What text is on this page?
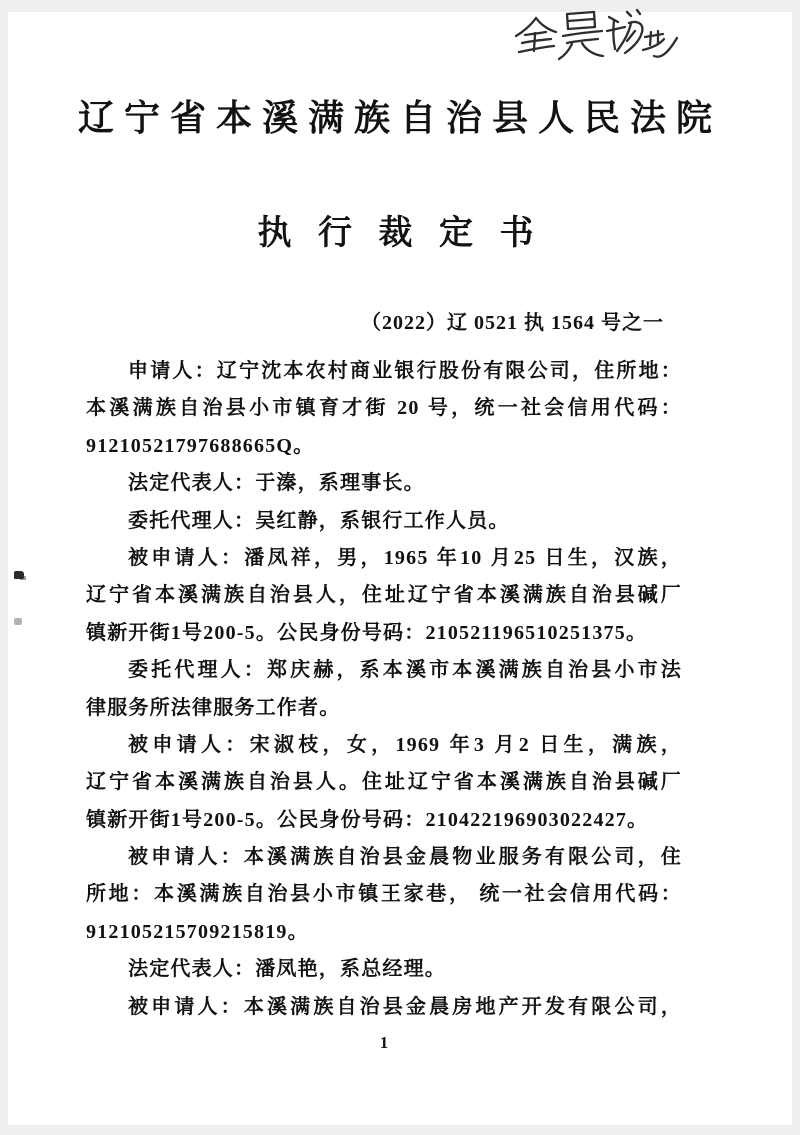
辽宁省本溪满族自治县人民法院
执 行 裁 定 书
（2022）辽 0521 执 1564 号之一
申请人：辽宁沈本农村商业银行股份有限公司，住所地：
本溪满族自治县小市镇育才街 20 号，统一社会信用代码：
91210521797688665Q。
法定代表人：于溱，系理事长。
委托代理人：吴红静，系银行工作人员。
被申请人：潘凤祥，男，1965 年10 月25 日生，汉族，
辽宁省本溪满族自治县人，住址辽宁省本溪满族自治县碱厂
镇新开街1号200-5。公民身份号码：210521196510251375。
委托代理人：郑庆赫，系本溪市本溪满族自治县小市法
律服务所法律服务工作者。
被申请人：宋淑枝，女，1969 年3 月2 日生，满族，
辽宁省本溪满族自治县人。住址辽宁省本溪满族自治县碱厂
镇新开街1号200-5。公民身份号码：210422196903022427。
被申请人：本溪满族自治县金晨物业服务有限公司，住
所地：本溪满族自治县小市镇王家巷， 统一社会信用代码：
912105215709215819。
法定代表人：潘凤艳，系总经理。
被申请人：本溪满族自治县金晨房地产开发有限公司，
1
